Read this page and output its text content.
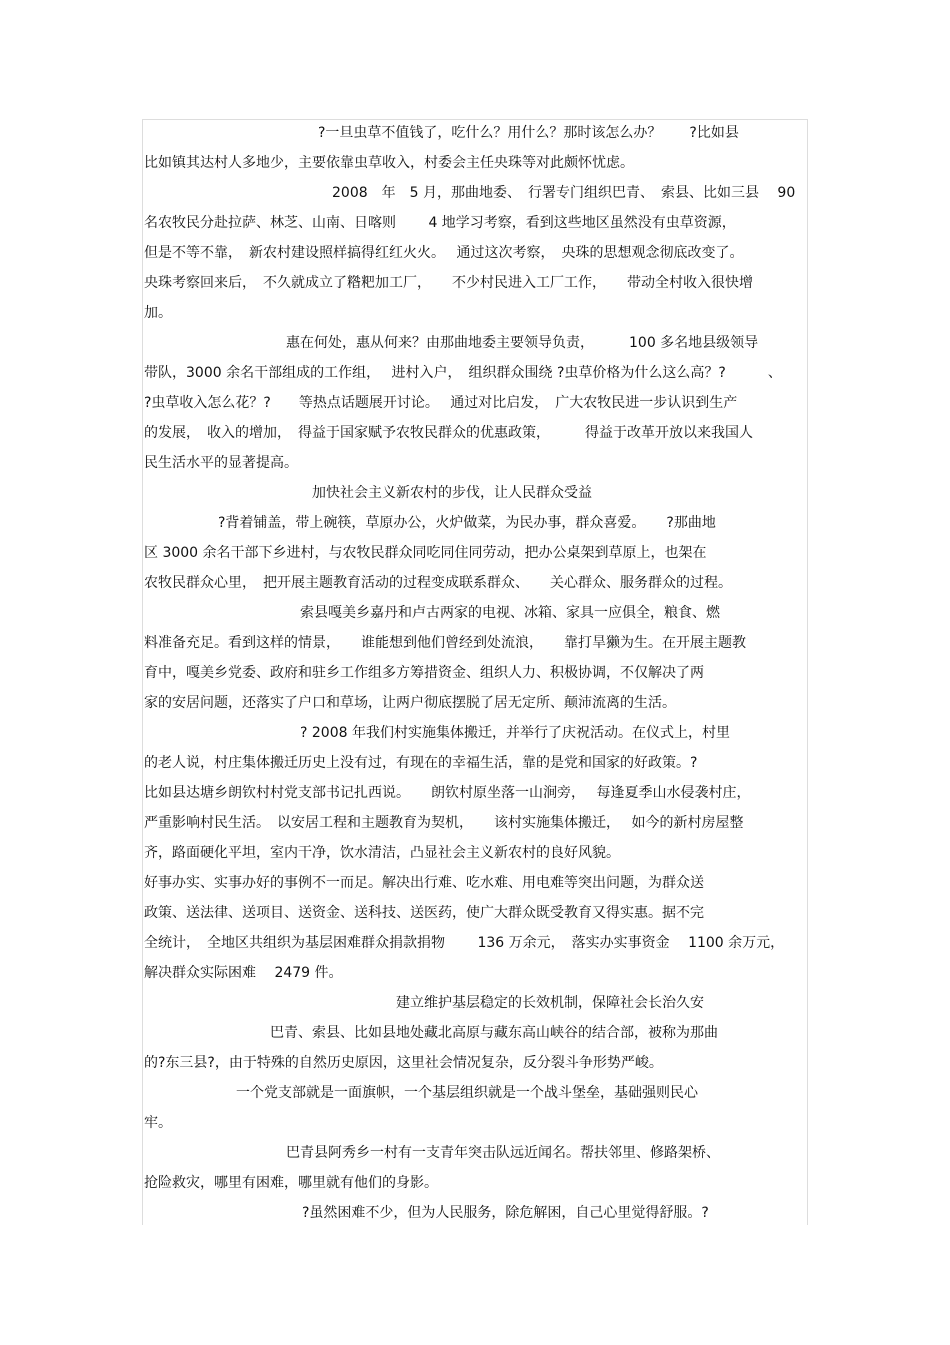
?一旦虫草不值钱了，吃什么？用什么？那时该怎么办？　　?比如县
比如镇其达村人多地少，主要依靠虫草收入，村委会主任央珠等对此颇怀忧虑。
2008　年　5 月，那曲地委、　行署专门组织巴青、　索县、比如三县　 90
名农牧民分赴拉萨、林芝、山南、日喀则　　 4 地学习考察，看到这些地区虽然没有虫草资源，
但是不等不靠，　新农村建设照样搞得红红火火。　 通过这次考察，　央珠的思想观念彻底改变了。
央珠考察回来后，　不久就成立了糌粑加工厂，　　不少村民进入工厂工作，　　带动全村收入很快增
加。
惠在何处，惠从何来？由那曲地委主要领导负责，　　　100 多名地县级领导
带队，3000 余名干部组成的工作组，　 进村入户，　组织群众围绕 ?虫草价格为什么这么高？?　　　、
?虫草收入怎么花？?　　等热点话题展开讨论。　 通过对比启发，　广大农牧民进一步认识到生产
的发展，　收入的增加，　得益于国家赋予农牧民群众的优惠政策，　　　得益于改革开放以来我国人
民生活水平的显著提高。
加快社会主义新农村的步伐，让人民群众受益
?背着铺盖，带上碗筷，草原办公，火炉做菜，为民办事，群众喜爱。　　?那曲地
区 3000 余名干部下乡进村，与农牧民群众同吃同住同劳动，把办公桌架到草原上，也架在
农牧民群众心里，　把开展主题教育活动的过程变成联系群众、　　关心群众、服务群众的过程。
索县嘎美乡嘉丹和卢古两家的电视、冰箱、家具一应俱全，粮食、燃
料准备充足。看到这样的情景，　　谁能想到他们曾经到处流浪，　　靠打旱獭为生。在开展主题教
育中，嘎美乡党委、政府和驻乡工作组多方筹措资金、组织人力、积极协调，不仅解决了两
家的安居问题，还落实了户口和草场，让两户彻底摆脱了居无定所、颠沛流离的生活。
? 2008 年我们村实施集体搬迁，并举行了庆祝活动。在仪式上，村里
的老人说，村庄集体搬迁历史上没有过，有现在的幸福生活，靠的是党和国家的好政策。?
比如县达塘乡朗钦村村党支部书记扎西说。　　朗钦村原坐落一山涧旁，　 每逢夏季山水侵袭村庄，
严重影响村民生活。　以安居工程和主题教育为契机，　　该村实施集体搬迁，　 如今的新村房屋整
齐，路面硬化平坦，室内干净，饮水清洁，凸显社会主义新农村的良好风貌。
好事办实、实事办好的事例不一而足。解决出行难、吃水难、用电难等突出问题，为群众送
政策、送法律、送项目、送资金、送科技、送医药，使广大群众既受教育又得实惠。据不完
全统计，　全地区共组织为基层困难群众捐款捐物　　 136 万余元，　落实办实事资金　 1100 余万元，
解决群众实际困难　 2479 件。
建立维护基层稳定的长效机制，保障社会长治久安
巴青、索县、比如县地处藏北高原与藏东高山峡谷的结合部，被称为那曲
的?东三县?，由于特殊的自然历史原因，这里社会情况复杂，反分裂斗争形势严峻。
一个党支部就是一面旗帜，一个基层组织就是一个战斗堡垒，基础强则民心
牢。
巴青县阿秀乡一村有一支青年突击队远近闻名。帮扶邻里、修路架桥、
抢险救灾，哪里有困难，哪里就有他们的身影。
?虽然困难不少，但为人民服务，除危解困，自己心里觉得舒服。?
